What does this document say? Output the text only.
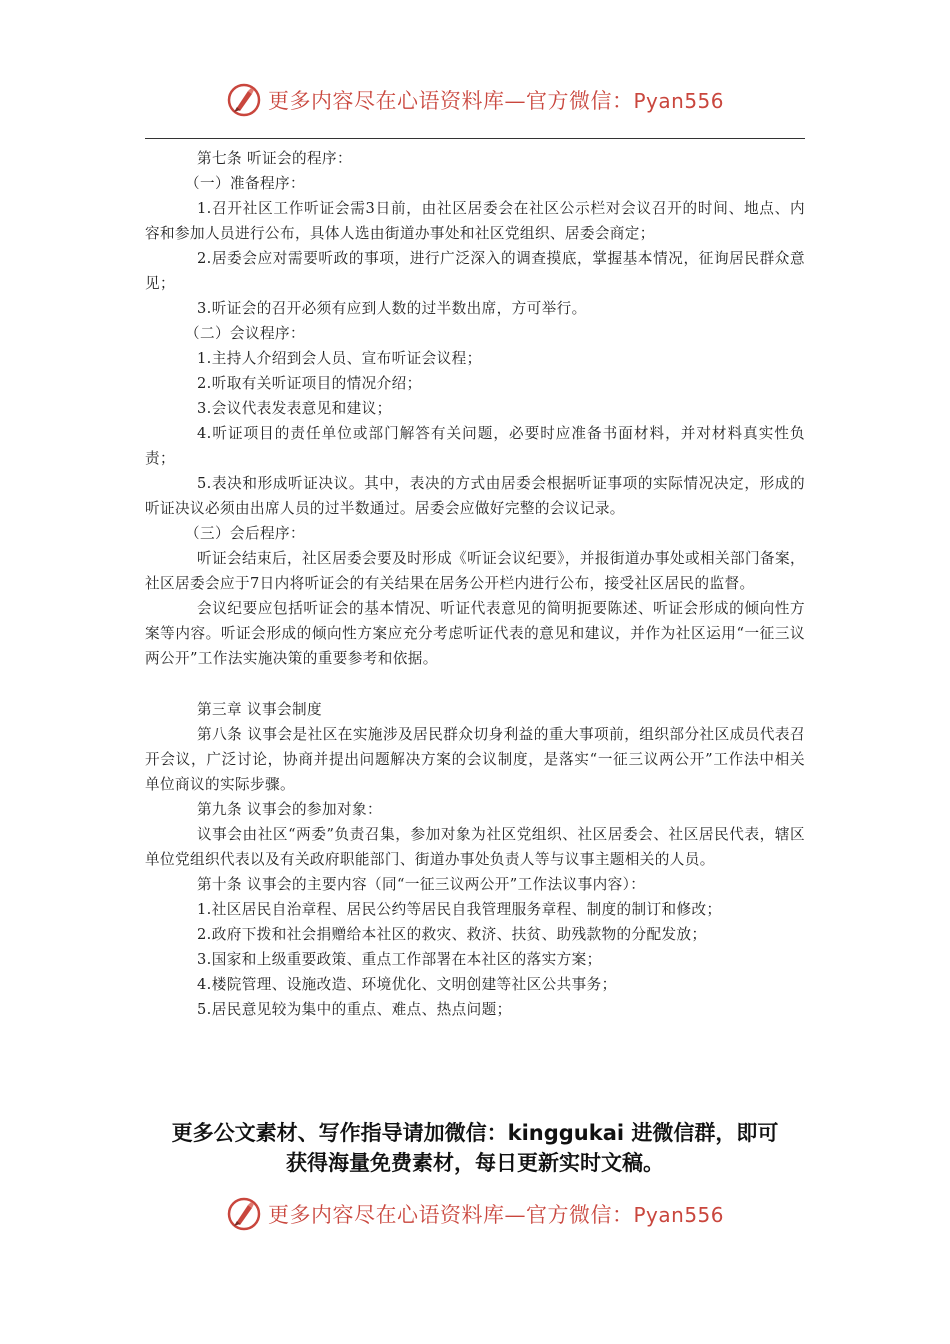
更多内容尽在心语资料库—官方微信：Pyan556

第七条 听证会的程序：

（一）准备程序：

1.召开社区工作听证会需3日前，由社区居委会在社区公示栏对会议召开的时间、地点、内容和参加人员进行公布，具体人选由街道办事处和社区党组织、居委会商定；

2.居委会应对需要听政的事项，进行广泛深入的调查摸底，掌握基本情况，征询居民群众意见；

3.听证会的召开必须有应到人数的过半数出席，方可举行。

（二）会议程序：

1.主持人介绍到会人员、宣布听证会议程；

2.听取有关听证项目的情况介绍；

3.会议代表发表意见和建议；

4.听证项目的责任单位或部门解答有关问题，必要时应准备书面材料，并对材料真实性负责；

5.表决和形成听证决议。其中，表决的方式由居委会根据听证事项的实际情况决定，形成的听证决议必须由出席人员的过半数通过。居委会应做好完整的会议记录。

（三）会后程序：

听证会结束后，社区居委会要及时形成《听证会议纪要》，并报街道办事处或相关部门备案，社区居委会应于7日内将听证会的有关结果在居务公开栏内进行公布，接受社区居民的监督。

会议纪要应包括听证会的基本情况、听证代表意见的简明扼要陈述、听证会形成的倾向性方案等内容。听证会形成的倾向性方案应充分考虑听证代表的意见和建议，并作为社区运用“一征三议两公开”工作法实施决策的重要参考和依据。

第三章 议事会制度

第八条 议事会是社区在实施涉及居民群众切身利益的重大事项前，组织部分社区成员代表召开会议，广泛讨论，协商并提出问题解决方案的会议制度，是落实“一征三议两公开”工作法中相关单位商议的实际步骤。

第九条 议事会的参加对象：

议事会由社区“两委”负责召集，参加对象为社区党组织、社区居委会、社区居民代表，辖区单位党组织代表以及有关政府职能部门、街道办事处负责人等与议事主题相关的人员。

第十条 议事会的主要内容（同“一征三议两公开”工作法议事内容）：

1.社区居民自治章程、居民公约等居民自我管理服务章程、制度的制订和修改；

2.政府下拨和社会捐赠给本社区的救灾、救济、扶贫、助残款物的分配发放；

3.国家和上级重要政策、重点工作部署在本社区的落实方案；

4.楼院管理、设施改造、环境优化、文明创建等社区公共事务；

5.居民意见较为集中的重点、难点、热点问题；

更多公文素材、写作指导请加微信：kinggukai 进微信群，即可
获得海量免费素材，每日更新实时文稿。
更多内容尽在心语资料库—官方微信：Pyan556
